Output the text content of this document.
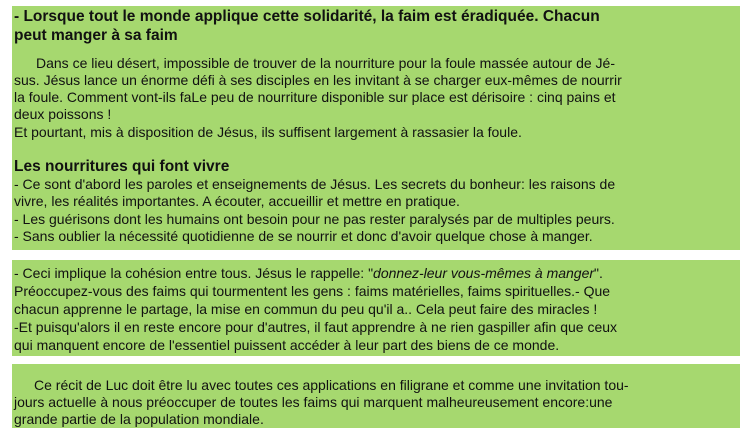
- Lorsque tout le monde applique cette solidarité, la faim est éradiquée. Chacun
peut manger à sa faim
Dans ce lieu désert, impossible de trouver de la nourriture pour la foule massée autour de Jé-
sus. Jésus lance un énorme défi à ses disciples en les invitant à se charger eux-mêmes de nourrir
la foule. Comment vont-ils faLe peu de nourriture disponible sur place est dérisoire : cinq pains et
deux poissons !
Et pourtant, mis à disposition de Jésus, ils suffisent largement à rassasier la foule.
Les nourritures qui font vivre
- Ce sont d'abord les paroles et enseignements de Jésus. Les secrets du bonheur: les raisons de
vivre, les réalités importantes. A écouter, accueillir et mettre en pratique.
- Les guérisons dont les humains ont besoin pour ne pas rester paralysés par de multiples peurs.
- Sans oublier la nécessité quotidienne de se nourrir et donc d'avoir quelque chose à manger.
- Ceci implique la cohésion entre tous. Jésus le rappelle: "donnez-leur vous-mêmes à manger".
Préoccupez-vous des faims qui tourmentent les gens : faims matérielles, faims spirituelles.- Que
chacun apprenne le partage, la mise en commun du peu qu'il a.. Cela peut faire des miracles !
-Et puisqu'alors il en reste encore pour d'autres, il faut apprendre à ne rien gaspiller afin que ceux
qui manquent encore de l'essentiel puissent accéder à leur part des biens de ce monde.
Ce récit de Luc doit être lu avec toutes ces applications en filigrane et comme une invitation tou-
jours actuelle à nous préoccuper de toutes les faims qui marquent malheureusement encore:une
grande partie de la population mondiale.
